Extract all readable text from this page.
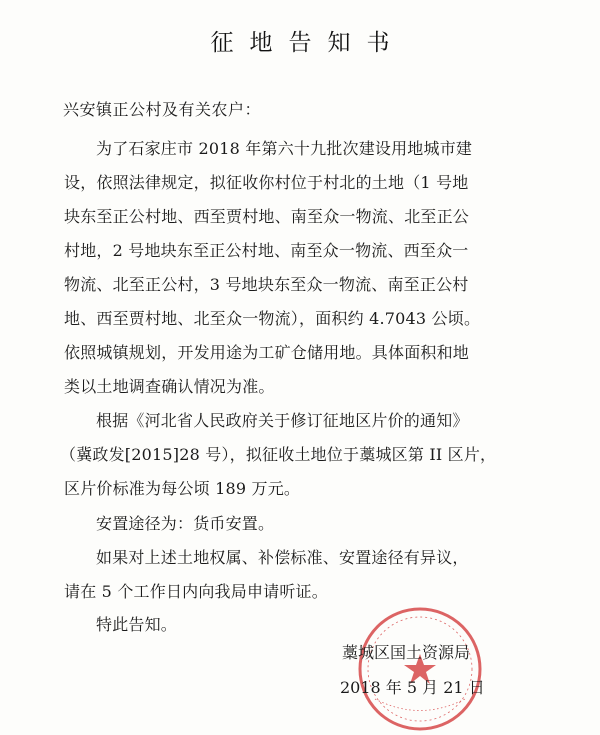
征地告知书
兴安镇正公村及有关农户：
为了石家庄市 2018 年第六十九批次建设用地城市建
设，依照法律规定，拟征收你村位于村北的土地（1 号地
块东至正公村地、西至贾村地、南至众一物流、北至正公
村地，2 号地块东至正公村地、南至众一物流、西至众一
物流、北至正公村，3 号地块东至众一物流、南至正公村
地、西至贾村地、北至众一物流），面积约 4.7043 公顷。
依照城镇规划，开发用途为工矿仓储用地。具体面积和地
类以土地调查确认情况为准。
根据《河北省人民政府关于修订征地区片价的通知》
（冀政发[2015]28 号），拟征收土地位于藁城区第 II 区片，
区片价标准为每公顷 189 万元。
安置途径为：货币安置。
如果对上述土地权属、补偿标准、安置途径有异议，
请在 5 个工作日内向我局申请听证。
特此告知。
藁城区国土资源局
2018 年 5 月 21 日
